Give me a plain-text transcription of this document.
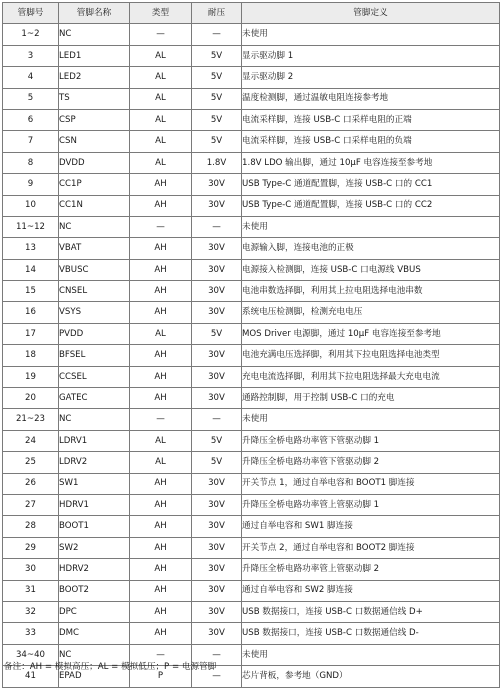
管脚号	管脚名称	类型	耐压	管脚定义
1~2	NC	—	—	未使用
3	LED1	AL	5V	显示驱动脚 1
4	LED2	AL	5V	显示驱动脚 2
5	TS	AL	5V	温度检测脚，通过温敏电阻连接参考地
6	CSP	AL	5V	电流采样脚，连接 USB-C 口采样电阻的正端
7	CSN	AL	5V	电流采样脚，连接 USB-C 口采样电阻的负端
8	DVDD	AL	1.8V	1.8V LDO 输出脚，通过 10μF 电容连接至参考地
9	CC1P	AH	30V	USB Type-C 通道配置脚，连接 USB-C 口的 CC1
10	CC1N	AH	30V	USB Type-C 通道配置脚，连接 USB-C 口的 CC2
11~12	NC	—	—	未使用
13	VBAT	AH	30V	电源输入脚，连接电池的正极
14	VBUSC	AH	30V	电源接入检测脚，连接 USB-C 口电源线 VBUS
15	CNSEL	AH	30V	电池串数选择脚，利用其上拉电阻选择电池串数
16	VSYS	AH	30V	系统电压检测脚，检测充电电压
17	PVDD	AL	5V	MOS Driver 电源脚，通过 10μF 电容连接至参考地
18	BFSEL	AH	30V	电池充满电压选择脚，利用其下拉电阻选择电池类型
19	CCSEL	AH	30V	充电电流选择脚，利用其下拉电阻选择最大充电电流
20	GATEC	AH	30V	通路控制脚，用于控制 USB-C 口的充电
21~23	NC	—	—	未使用
24	LDRV1	AL	5V	升降压全桥电路功率管下管驱动脚 1
25	LDRV2	AL	5V	升降压全桥电路功率管下管驱动脚 2
26	SW1	AH	30V	开关节点 1，通过自举电容和 BOOT1 脚连接
27	HDRV1	AH	30V	升降压全桥电路功率管上管驱动脚 1
28	BOOT1	AH	30V	通过自举电容和 SW1 脚连接
29	SW2	AH	30V	开关节点 2，通过自举电容和 BOOT2 脚连接
30	HDRV2	AH	30V	升降压全桥电路功率管上管驱动脚 2
31	BOOT2	AH	30V	通过自举电容和 SW2 脚连接
32	DPC	AH	30V	USB 数据接口，连接 USB-C 口数据通信线 D+
33	DMC	AH	30V	USB 数据接口，连接 USB-C 口数据通信线 D-
34~40	NC	—	—	未使用
41	EPAD	P	—	芯片背板，参考地（GND）
备注：AH = 模拟高压；AL = 模拟低压；P = 电源管脚
